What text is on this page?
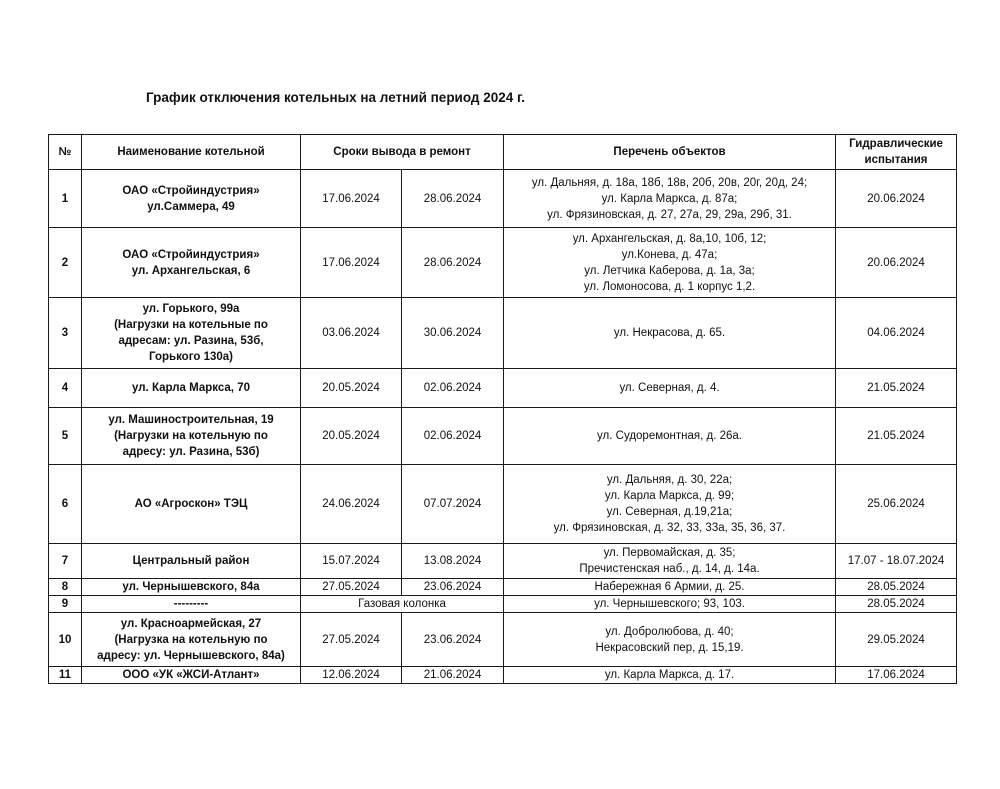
График отключения котельных на летний период 2024 г.
№	Наименование котельной	Сроки вывода в ремонт		Перечень объектов	Гидравлические
испытания

1	ОАО «Стройиндустрия»
ул.Саммера, 49	17.06.2024	28.06.2024	ул. Дальняя, д. 18а, 18б, 18в, 20б, 20в, 20г, 20д, 24;
ул. Карла Маркса, д. 87а;
ул. Фрязиновская, д. 27, 27а, 29, 29а, 29б, 31.	20.06.2024
2	ОАО «Стройиндустрия»
ул. Архангельская, 6	17.06.2024	28.06.2024	ул. Архангельская, д. 8а,10, 10б, 12;
ул.Конева, д. 47а;
ул. Летчика Каберова, д. 1а, 3а;
ул. Ломоносова, д. 1 корпус 1,2.	20.06.2024
3	ул. Горького, 99а
(Нагрузки на котельные по
адресам: ул. Разина, 53б,
Горького 130а)	03.06.2024	30.06.2024	ул. Некрасова, д. 65.	04.06.2024
4	ул. Карла Маркса, 70	20.05.2024	02.06.2024	ул. Северная, д. 4.	21.05.2024
5	ул. Машиностроительная, 19
(Нагрузки на котельную по
адресу: ул. Разина, 53б)	20.05.2024	02.06.2024	ул. Судоремонтная, д. 26а.	21.05.2024
6	АО «Агроскон» ТЭЦ	24.06.2024	07.07.2024	ул. Дальняя, д. 30, 22а;
ул. Карла Маркса, д. 99;
ул. Северная, д.19,21а;
ул. Фрязиновская, д. 32, 33, 33а, 35, 36, 37.	25.06.2024
7	Центральный район	15.07.2024	13.08.2024	ул. Первомайская, д. 35;
Пречистенская наб., д. 14, д. 14а.	17.07 - 18.07.2024
8	ул. Чернышевского, 84а	27.05.2024	23.06.2024	Набережная 6 Армии, д. 25.	28.05.2024
9	---------	Газовая колонка		ул. Чернышевского; 93, 103.	28.05.2024
10	ул. Красноармейская, 27
(Нагрузка на котельную по
адресу: ул. Чернышевского, 84а)	27.05.2024	23.06.2024	ул. Добролюбова, д. 40;
Некрасовский пер, д. 15,19.	29.05.2024
11	ООО «УК «ЖСИ-Атлант»	12.06.2024	21.06.2024	ул. Карла Маркса, д. 17.	17.06.2024
